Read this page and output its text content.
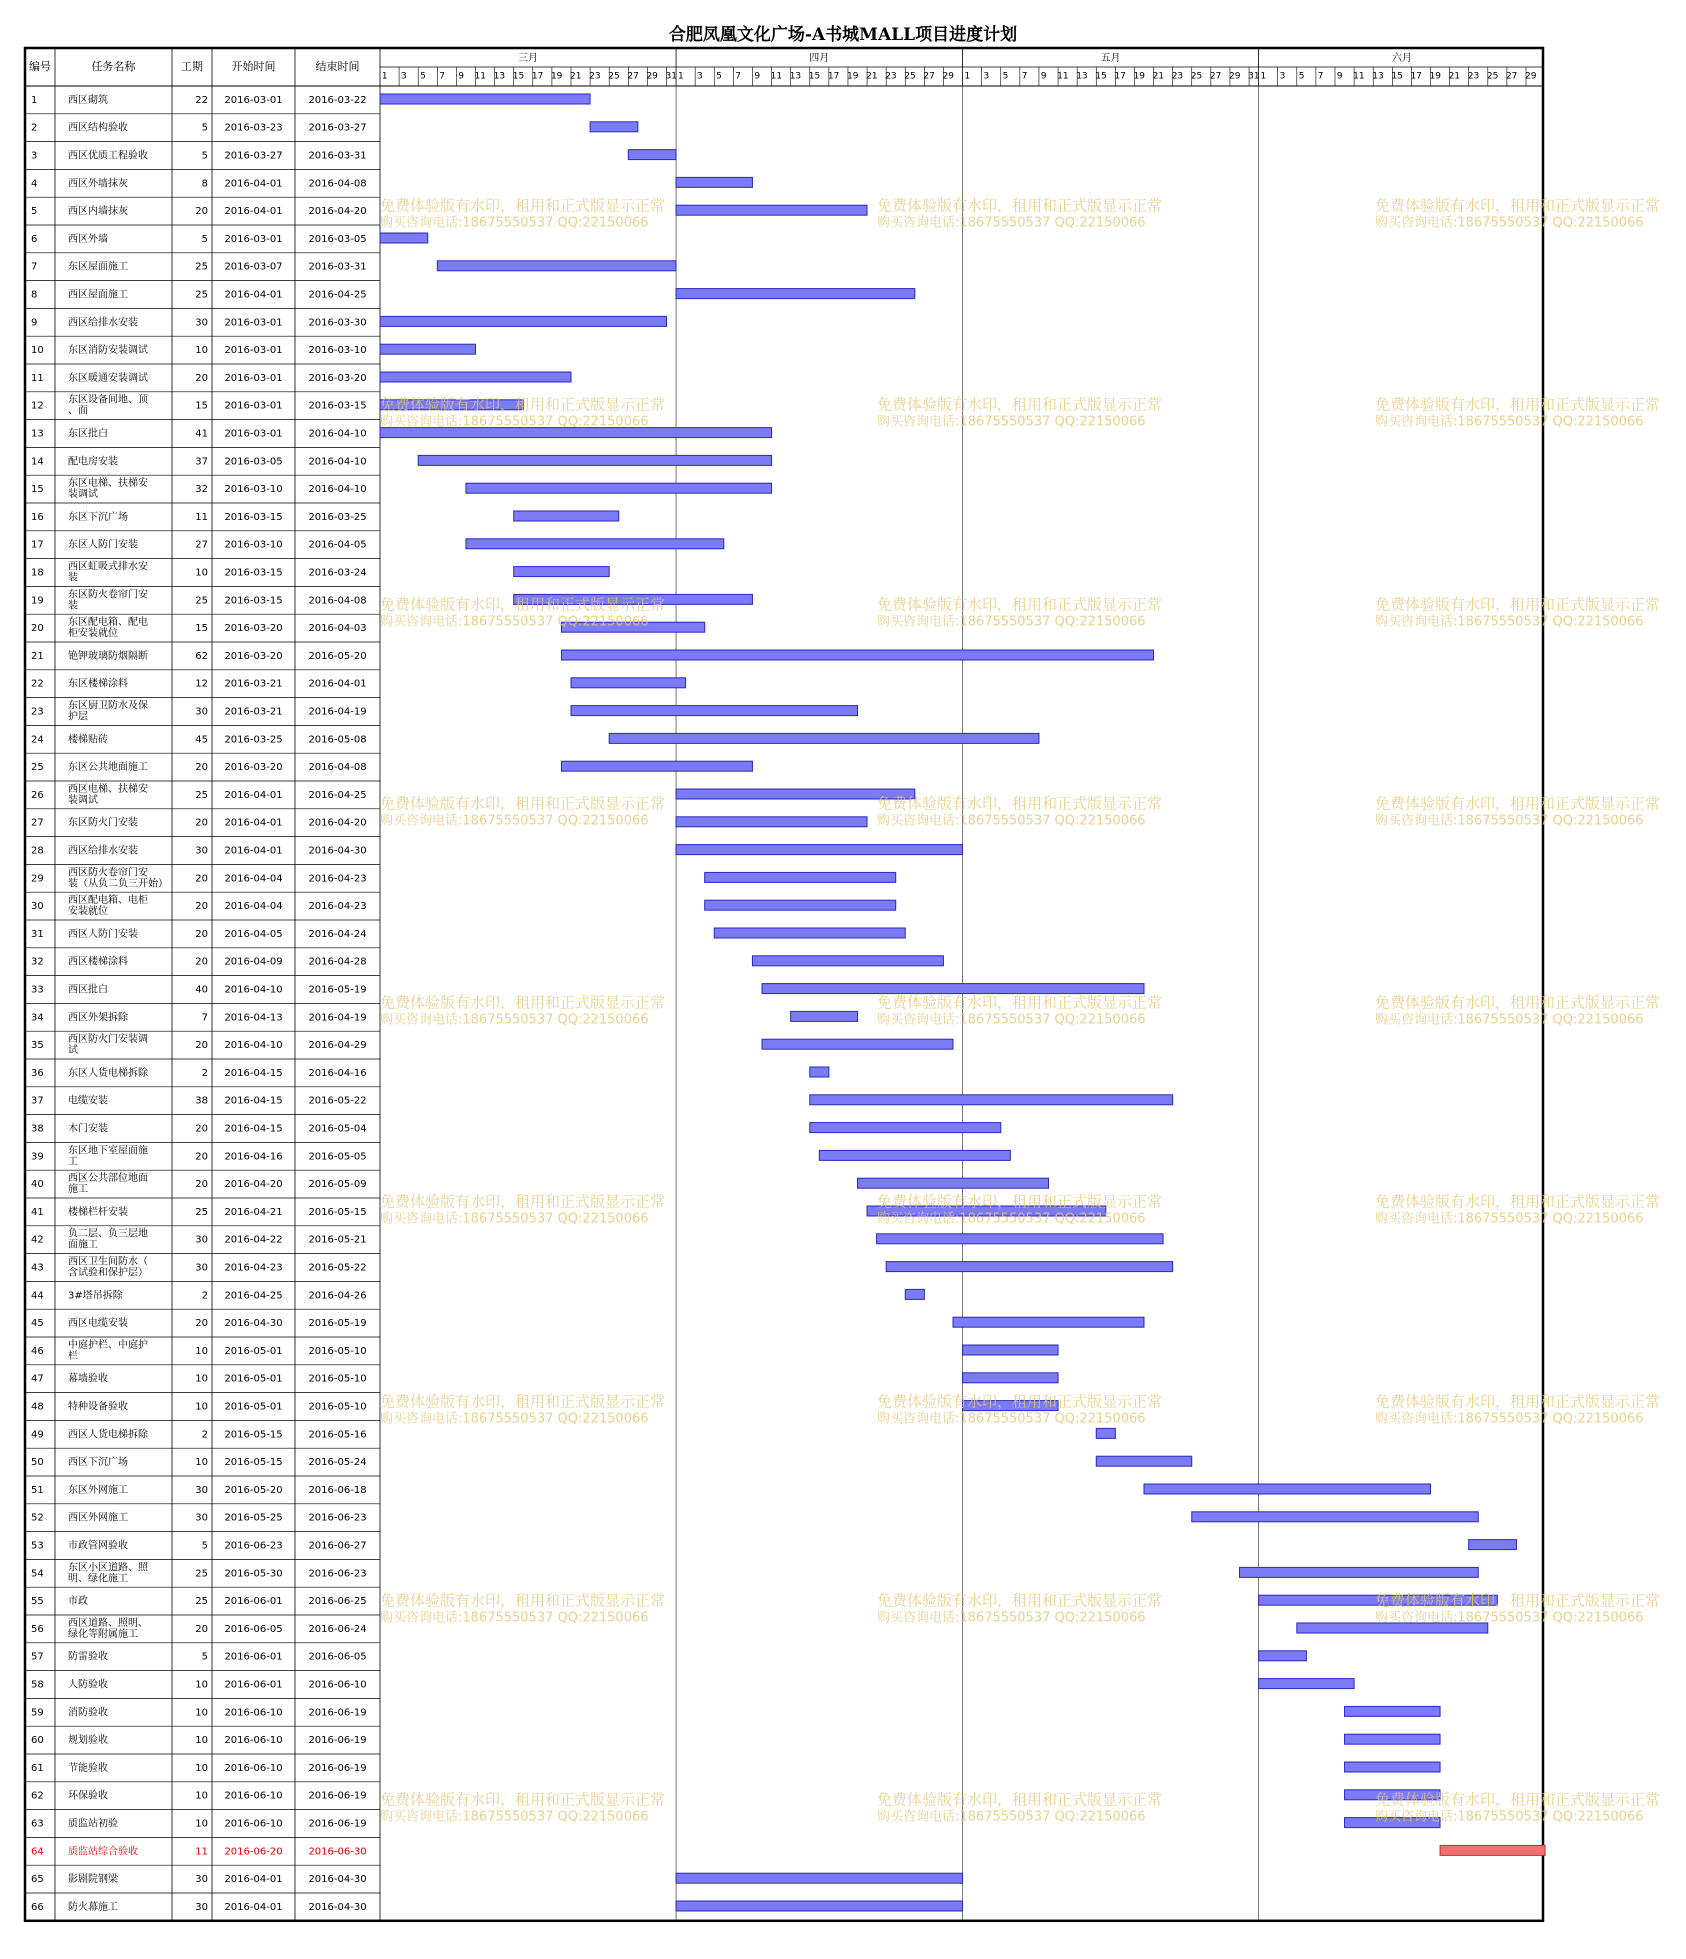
合肥凤凰文化广场-A书城MALL项目进度计划
编号	任务名称	工期	开始时间	结束时间
三月
1 3 5 7 9 11 13 15 17 19 21 23 25 27 29 31
四月
1 3 5 7 9 11 13 15 17 19 21 23 25 27 29
五月
1 3 5 7 9 11 13 15 17 19 21 23 25 27 29 31
六月
1 3 5 7 9 11 13 15 17 19 21 23 25 27 29
1	西区砌筑	22 2016-03-01	2016-03-22
2	西区结构验收	5 2016-03-23	2016-03-27
3	西区优质工程验收	5 2016-03-27	2016-03-31
4	西区外墙抹灰	8 2016-04-01	2016-04-08
5	西区内墙抹灰	20 2016-04-01	2016-04-20
6	西区外墙	5 2016-03-01	2016-03-05
7	东区屋面施工	25 2016-03-07	2016-03-31
8	西区屋面施工	25 2016-04-01	2016-04-25
9	西区给排水安装	30 2016-03-01	2016-03-30
10 东区消防安装调试	10 2016-03-01	2016-03-10
11 东区暖通安装调试	20 2016-03-01	2016-03-20
12
东区设备间地、顶
、面	15 2016-03-01	2016-03-15
13 东区批白	41 2016-03-01	2016-04-10
14 配电房安装	37 2016-03-05	2016-04-10
15
东区电梯、扶梯安
装调试	32 2016-03-10	2016-04-10
16 东区下沉广场	11 2016-03-15	2016-03-25
17 东区人防门安装	27 2016-03-10	2016-04-05
18
西区虹吸式排水安
装	10 2016-03-15	2016-03-24
19
东区防火卷帘门安
装	25 2016-03-15	2016-04-08
20
东区配电箱、配电
柜安装就位	15 2016-03-20	2016-04-03
21 铯钾玻璃防烟隔断	62 2016-03-20	2016-05-20
22 东区楼梯涂料	12 2016-03-21	2016-04-01
23
东区厨卫防水及保
护层	30 2016-03-21	2016-04-19
24 楼梯贴砖	45 2016-03-25	2016-05-08
25 东区公共地面施工	20 2016-03-20	2016-04-08
26
西区电梯、扶梯安
装调试	25 2016-04-01	2016-04-25
27 东区防火门安装	20 2016-04-01	2016-04-20
28 西区给排水安装	30 2016-04-01	2016-04-30
29
西区防火卷帘门安
装（从负二负三开始）	20 2016-04-04	2016-04-23
30
西区配电箱、电柜
安装就位	20 2016-04-04	2016-04-23
31 西区人防门安装	20 2016-04-05	2016-04-24
32 西区楼梯涂料	20 2016-04-09	2016-04-28
33 西区批白	40 2016-04-10	2016-05-19
34 西区外架拆除	7 2016-04-13	2016-04-19
35
西区防火门安装调
试	20 2016-04-10	2016-04-29
36 东区人货电梯拆除	2 2016-04-15	2016-04-16
37 电缆安装	38 2016-04-15	2016-05-22
38 木门安装	20 2016-04-15	2016-05-04
39
东区地下室屋面施
工	20 2016-04-16	2016-05-05
40
西区公共部位地面
施工	20 2016-04-20	2016-05-09
41 楼梯栏杆安装	25 2016-04-21	2016-05-15
42
负二层、负三层地
面施工	30 2016-04-22	2016-05-21
43
西区卫生间防水（
含试验和保护层）	30 2016-04-23	2016-05-22
44 3#塔吊拆除	2 2016-04-25	2016-04-26
45 西区电缆安装	20 2016-04-30	2016-05-19
46
中庭护栏、中庭护
栏	10 2016-05-01	2016-05-10
47 幕墙验收	10 2016-05-01	2016-05-10
48 特种设备验收	10 2016-05-01	2016-05-10
49 西区人货电梯拆除	2 2016-05-15	2016-05-16
50 西区下沉广场	10 2016-05-15	2016-05-24
51 东区外网施工	30 2016-05-20	2016-06-18
52 西区外网施工	30 2016-05-25	2016-06-23
53 市政管网验收	5 2016-06-23	2016-06-27
54
东区小区道路、照
明、绿化施工	25 2016-05-30	2016-06-23
55 市政	25 2016-06-01	2016-06-25
56
西区道路、照明、
绿化等附属施工	20 2016-06-05	2016-06-24
57 防雷验收	5 2016-06-01	2016-06-05
58 人防验收	10 2016-06-01	2016-06-10
59 消防验收	10 2016-06-10	2016-06-19
60 规划验收	10 2016-06-10	2016-06-19
61 节能验收	10 2016-06-10	2016-06-19
62 环保验收	10 2016-06-10	2016-06-19
63 质监站初验	10 2016-06-10	2016-06-19
64 质监站综合验收	11 2016-06-20	2016-06-30
65 影剧院钢梁	30 2016-04-01	2016-04-30
66 防火幕施工	30 2016-04-01	2016-04-30
免费体验版有水印，租用和正式版显示正常
购买咨询电话:18675550537 QQ:22150066
免费体验版有水印，租用和正式版显示正常
购买咨询电话:18675550537 QQ:22150066
免费体验版有水印，租用和正式版显示正常
购买咨询电话:18675550537 QQ:22150066
免费体验版有水印，租用和正式版显示正常
购买咨询电话:18675550537 QQ:22150066
免费体验版有水印，租用和正式版显示正常
购买咨询电话:18675550537 QQ:22150066
免费体验版有水印，租用和正式版显示正常
购买咨询电话:18675550537 QQ:22150066
免费体验版有水印，租用和正式版显示正常
购买咨询电话:18675550537 QQ:22150066
免费体验版有水印，租用和正式版显示正常
购买咨询电话:18675550537 QQ:22150066
免费体验版有水印，租用和正式版显示正常
购买咨询电话:18675550537 QQ:22150066
免费体验版有水印，租用和正式版显示正常
购买咨询电话:18675550537 QQ:22150066
免费体验版有水印，租用和正式版显示正常
购买咨询电话:18675550537 QQ:22150066
免费体验版有水印，租用和正式版显示正常
购买咨询电话:18675550537 QQ:22150066
免费体验版有水印，租用和正式版显示正常
购买咨询电话:18675550537 QQ:22150066
免费体验版有水印，租用和正式版显示正常
购买咨询电话:18675550537 QQ:22150066
免费体验版有水印，租用和正式版显示正常
购买咨询电话:18675550537 QQ:22150066
免费体验版有水印，租用和正式版显示正常
购买咨询电话:18675550537 QQ:22150066
免费体验版有水印，租用和正式版显示正常
购买咨询电话:18675550537 QQ:22150066
免费体验版有水印，租用和正式版显示正常
购买咨询电话:18675550537 QQ:22150066
免费体验版有水印，租用和正式版显示正常
购买咨询电话:18675550537 QQ:22150066
免费体验版有水印，租用和正式版显示正常
购买咨询电话:18675550537 QQ:22150066
免费体验版有水印，租用和正式版显示正常
购买咨询电话:18675550537 QQ:22150066
免费体验版有水印，租用和正式版显示正常
购买咨询电话:18675550537 QQ:22150066
免费体验版有水印，租用和正式版显示正常
购买咨询电话:18675550537 QQ:22150066
免费体验版有水印，租用和正式版显示正常
购买咨询电话:18675550537 QQ:22150066
免费体验版有水印，租用和正式版显示正常
购买咨询电话:18675550537 QQ:22150066
免费体验版有水印，租用和正式版显示正常
购买咨询电话:18675550537 QQ:22150066
免费体验版有水印，租用和正式版显示正常
购买咨询电话:18675550537 QQ:22150066
